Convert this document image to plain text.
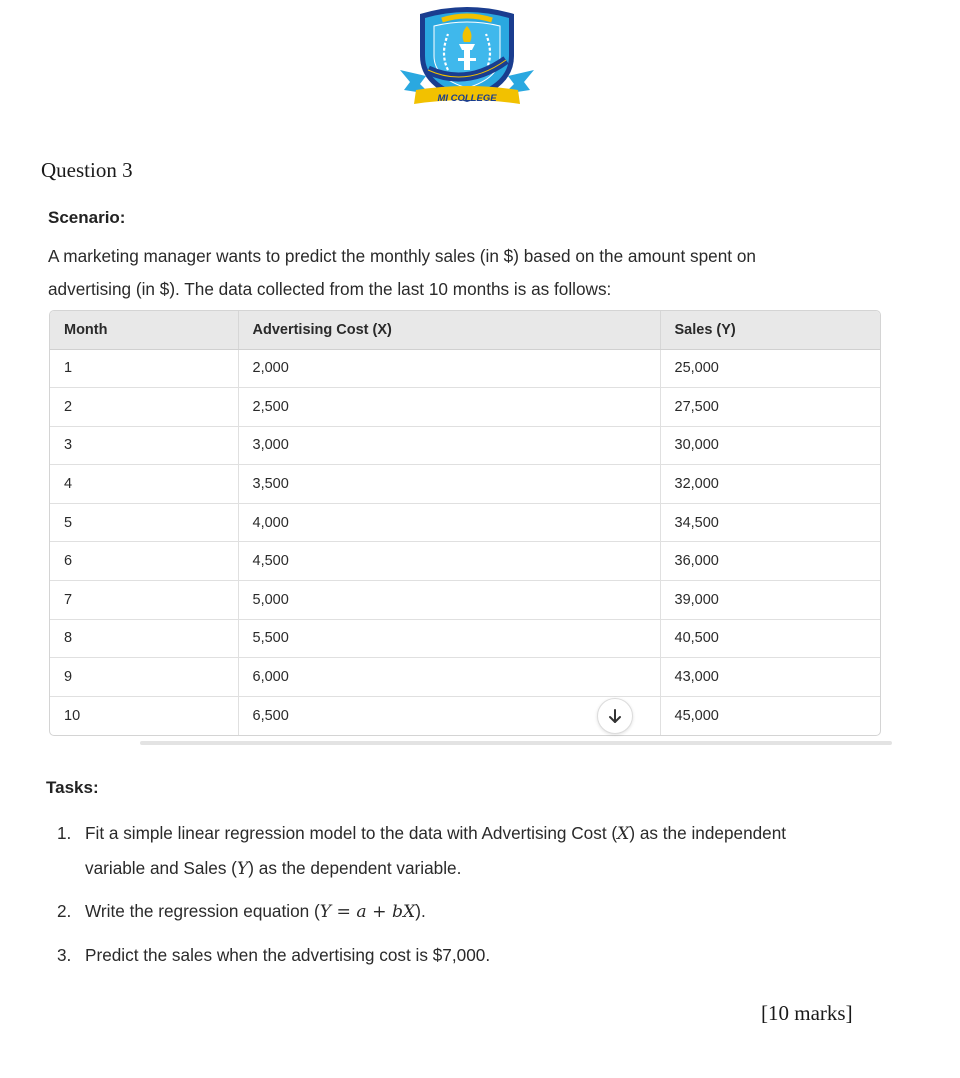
MI COLLEGE
Question 3
Scenario:
A marketing manager wants to predict the monthly sales (in $) based on the amount spent on
advertising (in $). The data collected from the last 10 months is as follows:
Month	Advertising Cost (X)	Sales (Y)
1	2,000	25,000
2	2,500	27,500
3	3,000	30,000
4	3,500	32,000
5	4,000	34,500
6	4,500	36,000
7	5,000	39,000
8	5,500	40,500
9	6,000	43,000
10	6,500	45,000
Tasks:
1. Fit a simple linear regression model to the data with Advertising Cost (X) as the independent
variable and Sales (Y) as the dependent variable.
2. Write the regression equation (Y = a + bX).
3. Predict the sales when the advertising cost is $7,000.
[10 marks]
